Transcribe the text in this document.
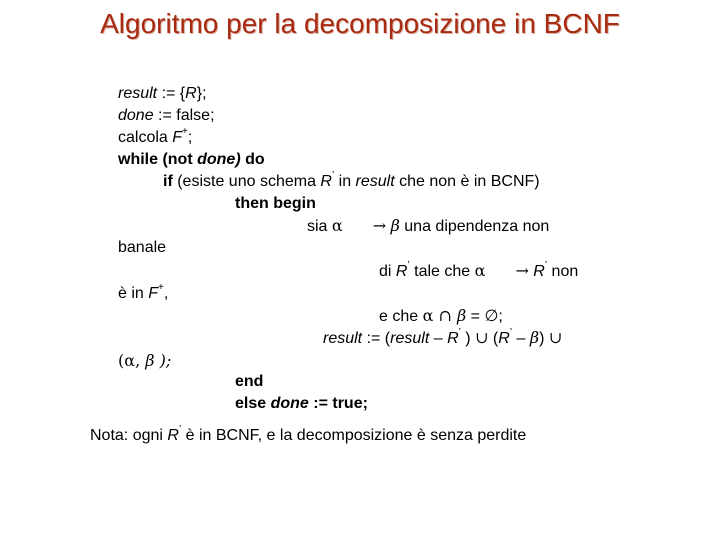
Algoritmo per la decomposizione in BCNF
result := {R};
done := false;
calcola F+;
while (not done) do
if (esiste uno schema R’ in result che non è in BCNF)
then begin
sia α → β una dipendenza non
banale
di R’ tale che α → R’ non
è in F+,
e che α ∩ β = ∅;
result := (result – R’ ) ∪ (R’ – β) ∪
(α, β );
end
else done := true;
Nota: ogni R’ è in BCNF, e la decomposizione è senza perdite
